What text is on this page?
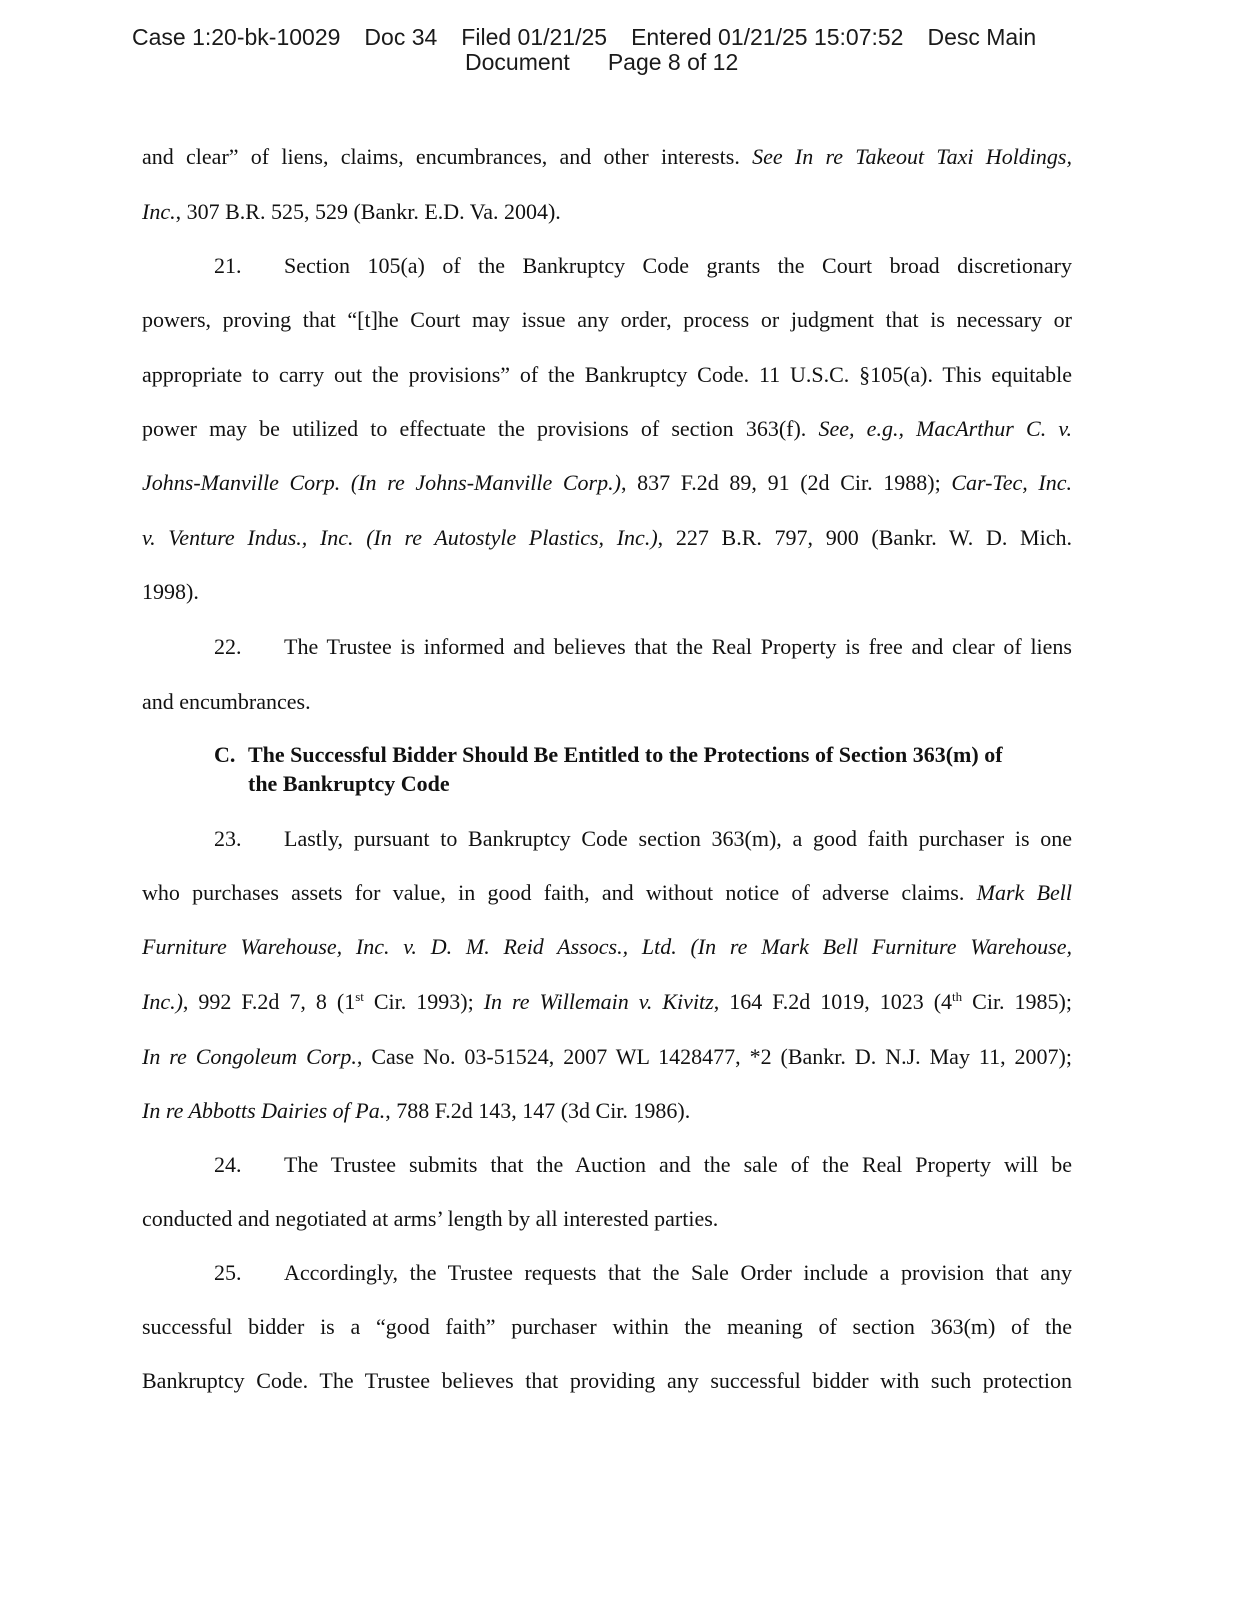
Case 1:20-bk-10029 Doc 34 Filed 01/21/25 Entered 01/21/25 15:07:52 Desc Main
Document Page 8 of 12
and clear” of liens, claims, encumbrances, and other interests. See In re Takeout Taxi Holdings,
Inc., 307 B.R. 525, 529 (Bankr. E.D. Va. 2004).
21. Section 105(a) of the Bankruptcy Code grants the Court broad discretionary
powers, proving that “[t]he Court may issue any order, process or judgment that is necessary or
appropriate to carry out the provisions” of the Bankruptcy Code. 11 U.S.C. §105(a). This equitable
power may be utilized to effectuate the provisions of section 363(f). See, e.g., MacArthur C. v.
Johns-Manville Corp. (In re Johns-Manville Corp.), 837 F.2d 89, 91 (2d Cir. 1988); Car-Tec, Inc.
v. Venture Indus., Inc. (In re Autostyle Plastics, Inc.), 227 B.R. 797, 900 (Bankr. W. D. Mich.
1998).
22. The Trustee is informed and believes that the Real Property is free and clear of liens
and encumbrances.
C. The Successful Bidder Should Be Entitled to the Protections of Section 363(m) of
the Bankruptcy Code
23. Lastly, pursuant to Bankruptcy Code section 363(m), a good faith purchaser is one
who purchases assets for value, in good faith, and without notice of adverse claims. Mark Bell
Furniture Warehouse, Inc. v. D. M. Reid Assocs., Ltd. (In re Mark Bell Furniture Warehouse,
Inc.), 992 F.2d 7, 8 (1st Cir. 1993); In re Willemain v. Kivitz, 164 F.2d 1019, 1023 (4th Cir. 1985);
In re Congoleum Corp., Case No. 03-51524, 2007 WL 1428477, *2 (Bankr. D. N.J. May 11, 2007);
In re Abbotts Dairies of Pa., 788 F.2d 143, 147 (3d Cir. 1986).
24. The Trustee submits that the Auction and the sale of the Real Property will be
conducted and negotiated at arms’ length by all interested parties.
25. Accordingly, the Trustee requests that the Sale Order include a provision that any
successful bidder is a “good faith” purchaser within the meaning of section 363(m) of the
Bankruptcy Code. The Trustee believes that providing any successful bidder with such protection
